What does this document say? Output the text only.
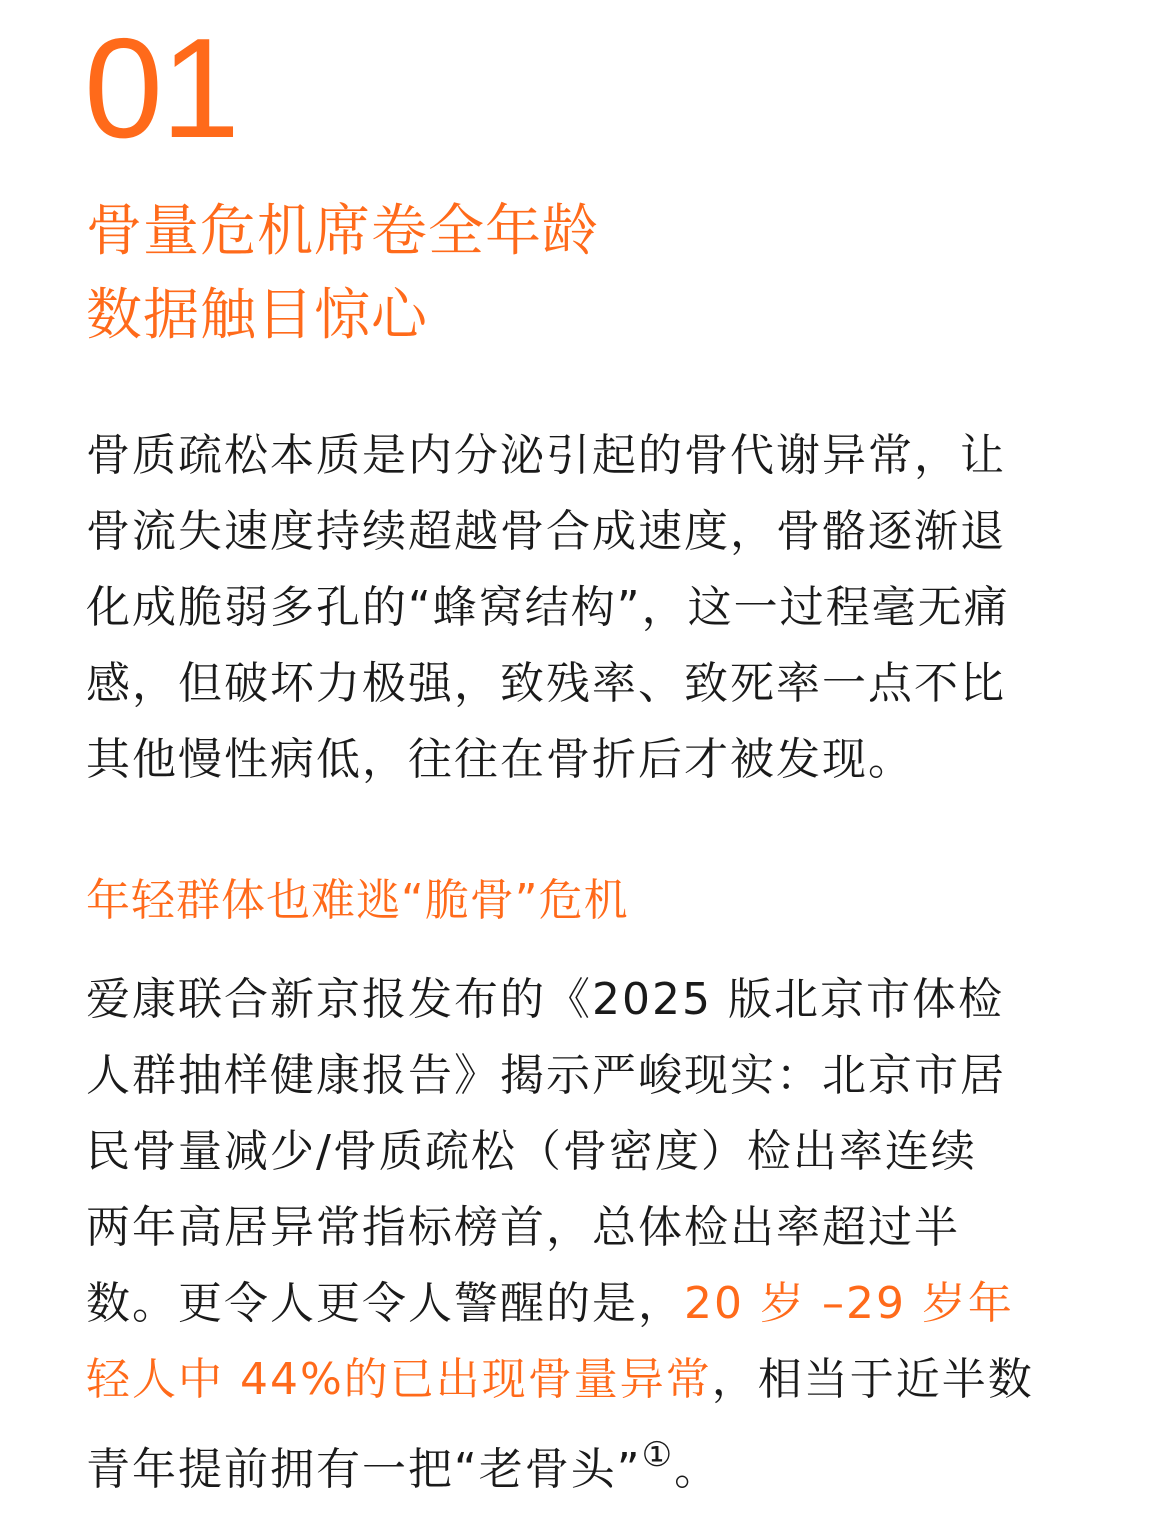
01
骨量危机席卷全年龄
数据触目惊心
骨质疏松本质是内分泌引起的骨代谢异常，让
骨流失速度持续超越骨合成速度，骨骼逐渐退
化成脆弱多孔的“蜂窝结构”，这一过程毫无痛
感，但破坏力极强，致残率、致死率一点不比
其他慢性病低，往往在骨折后才被发现。
年轻群体也难逃“脆骨”危机
爱康联合新京报发布的《2025 版北京市体检
人群抽样健康报告》揭示严峻现实：北京市居
民骨量减少/骨质疏松（骨密度）检出率连续
两年高居异常指标榜首，总体检出率超过半
数。更令人更令人警醒的是，20 岁 –29 岁年
轻人中 44%的已出现骨量异常，相当于近半数
青年提前拥有一把“老骨头”①。
